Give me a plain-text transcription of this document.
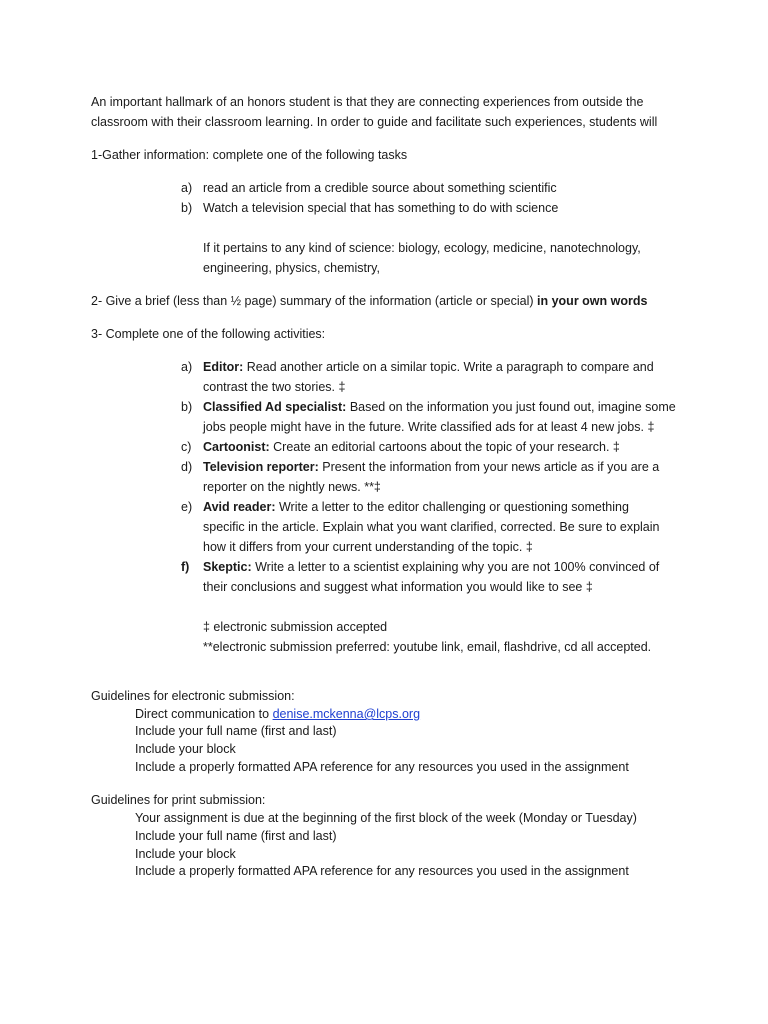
An important hallmark of an honors student is that they are connecting experiences from outside the
classroom with their classroom learning. In order to guide and facilitate such experiences, students will
1-Gather information: complete one of the following tasks
a) read an article from a credible source about something scientific
b) Watch a television special that has something to do with science
If it pertains to any kind of science: biology, ecology, medicine, nanotechnology,
engineering, physics, chemistry,
2- Give a brief (less than ½ page) summary of the information (article or special) in your own words
3- Complete one of the following activities:
a) Editor: Read another article on a similar topic. Write a paragraph to compare and
contrast the two stories. ‡
b) Classified Ad specialist: Based on the information you just found out, imagine some
jobs people might have in the future. Write classified ads for at least 4 new jobs. ‡
c) Cartoonist: Create an editorial cartoons about the topic of your research. ‡
d) Television reporter: Present the information from your news article as if you are a
reporter on the nightly news. **‡
e) Avid reader: Write a letter to the editor challenging or questioning something
specific in the article. Explain what you want clarified, corrected. Be sure to explain
how it differs from your current understanding of the topic. ‡
f) Skeptic: Write a letter to a scientist explaining why you are not 100% convinced of
their conclusions and suggest what information you would like to see ‡
‡ electronic submission accepted
**electronic submission preferred: youtube link, email, flashdrive, cd all accepted.
Guidelines for electronic submission:
Direct communication to denise.mckenna@lcps.org
Include your full name (first and last)
Include your block
Include a properly formatted APA reference for any resources you used in the assignment
Guidelines for print submission:
Your assignment is due at the beginning of the first block of the week (Monday or Tuesday)
Include your full name (first and last)
Include your block
Include a properly formatted APA reference for any resources you used in the assignment
